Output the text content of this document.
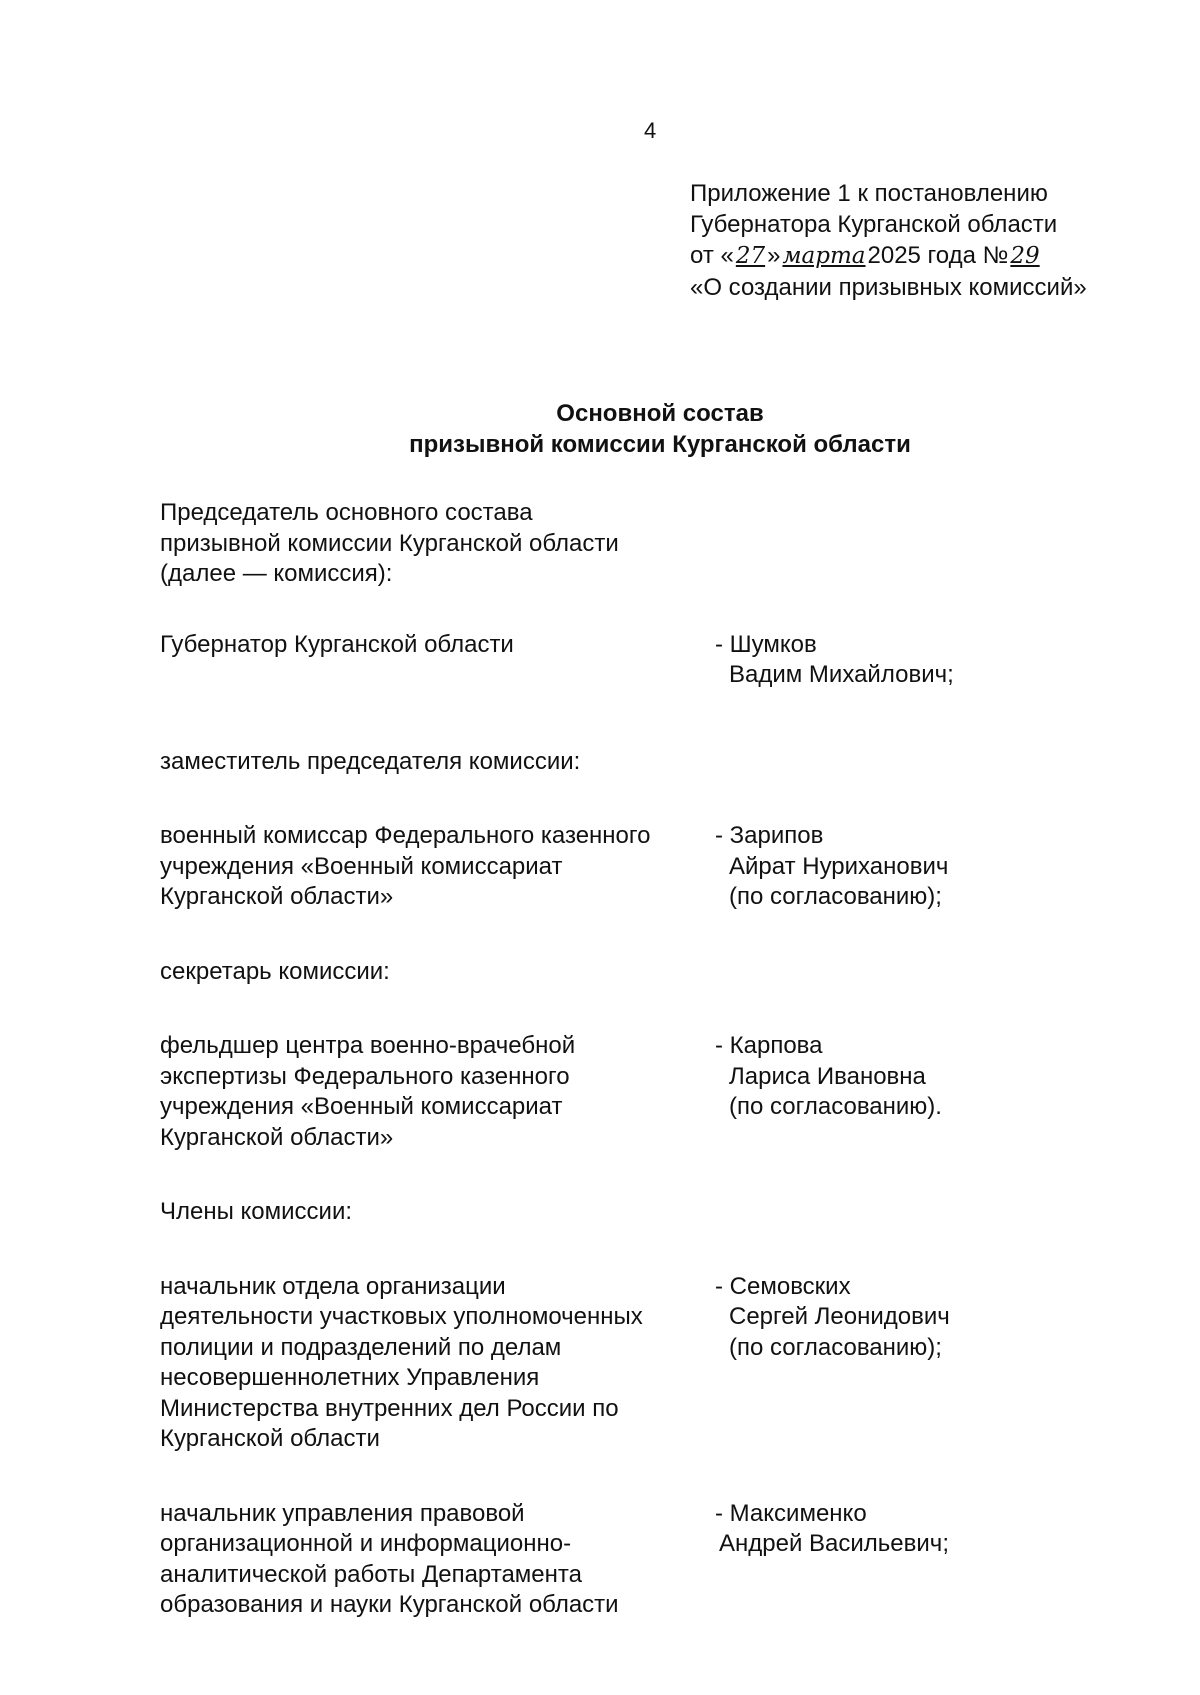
4
Приложение 1 к постановлению
Губернатора Курганской области
от «27»марта2025 года №29
«О создании призывных комиссий»
Основной состав
призывной комиссии Курганской области
Председатель основного состава
призывной комиссии Курганской области
(далее — комиссия):
Губернатор Курганской области	- Шумков
Вадим Михайлович;
заместитель председателя комиссии:
военный комиссар Федерального казенного
учреждения «Военный комиссариат
Курганской области»
- Зарипов
Айрат Нуриханович
(по согласованию);
секретарь комиссии:
фельдшер центра военно-врачебной
экспертизы Федерального казенного
учреждения «Военный комиссариат
Курганской области»
- Карпова
Лариса Ивановна
(по согласованию).
Члены комиссии:
начальник отдела организации
деятельности участковых уполномоченных
полиции и подразделений по делам
несовершеннолетних Управления
Министерства внутренних дел России по
Курганской области
- Семовских
Сергей Леонидович
(по согласованию);
начальник управления правовой
организационной и информационно-
аналитической работы Департамента
образования и науки Курганской области
- Максименко
Андрей Васильевич;
